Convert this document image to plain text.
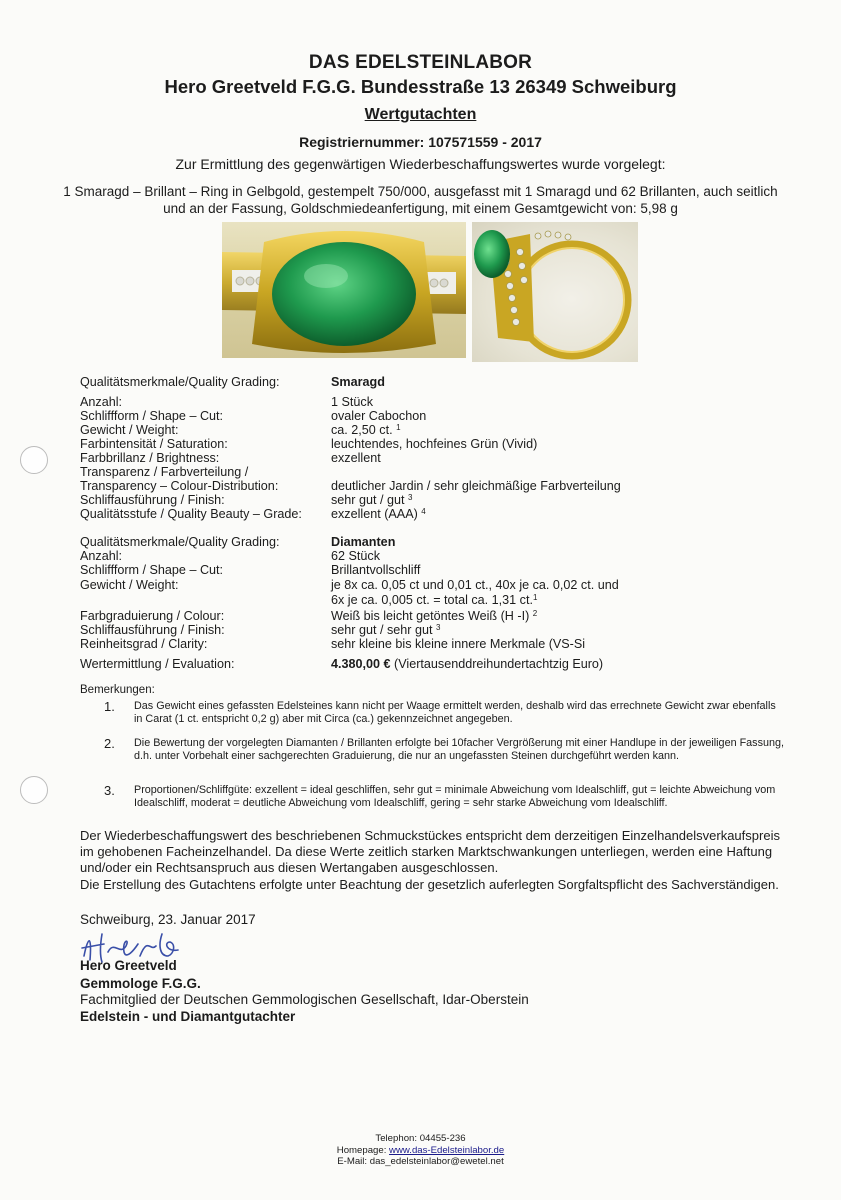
DAS EDELSTEINLABOR
Hero Greetveld F.G.G. Bundesstraße 13 26349 Schweiburg
Wertgutachten
Registriernummer: 107571559 - 2017
Zur Ermittlung des gegenwärtigen Wiederbeschaffungswertes wurde vorgelegt:
1 Smaragd – Brillant – Ring in Gelbgold, gestempelt 750/000, ausgefasst mit 1 Smaragd und 62 Brillanten, auch seitlich und an der Fassung, Goldschmiedeanfertigung, mit einem Gesamtgewicht von: 5,98 g
Qualitätsmerkmale/Quality Grading:	Smaragd
Anzahl:	1 Stück
Schliffform / Shape – Cut:	ovaler Cabochon
Gewicht / Weight:	ca. 2,50 ct. $^1$
Farbintensität / Saturation:	leuchtendes, hochfeines Grün (Vivid)
Farbbrillanz / Brightness:	exzellent
Transparenz / Farbverteilung /
Transparency – Colour-Distribution:	deutlicher Jardin / sehr gleichmäßige Farbverteilung
Schliffausführung / Finish:	sehr gut / gut $^3$
Qualitätsstufe / Quality Beauty – Grade: exzellent (AAA) $^4$
Qualitätsmerkmale/Quality Grading:	Diamanten
Anzahl:	62 Stück
Schliffform / Shape – Cut:	Brillantvollschliff
Gewicht / Weight:	je 8x ca. 0,05 ct und 0,01 ct., 40x je ca. 0,02 ct. und
6x je ca. 0,005 ct. = total ca. 1,31 ct.$^1$
Farbgraduierung / Colour:	Weiß bis leicht getöntes Weiß (H -I) $^2$
Schliffausführung / Finish:	sehr gut / sehr gut $^3$
Reinheitsgrad / Clarity:	sehr kleine bis kleine innere Merkmale (VS-Si
Wertermittlung / Evaluation:	4.380,00 € (Viertausenddreihundertachtzig Euro)
Bemerkungen:
1. Das Gewicht eines gefassten Edelsteines kann nicht per Waage ermittelt werden, deshalb wird das errechnete Gewicht zwar ebenfalls in Carat (1 ct. entspricht 0,2 g) aber mit Circa (ca.) gekennzeichnet angegeben.
2. Die Bewertung der vorgelegten Diamanten / Brillanten erfolgte bei 10facher Vergrößerung mit einer Handlupe in der jeweiligen Fassung, d.h. unter Vorbehalt einer sachgerechten Graduierung, die nur an ungefassten Steinen durchgeführt werden kann.
3. Proportionen/Schliffgüte: exzellent = ideal geschliffen, sehr gut = minimale Abweichung vom Idealschliff, gut = leichte Abweichung vom Idealschliff, moderat = deutliche Abweichung vom Idealschliff, gering = sehr starke Abweichung vom Idealschliff.
Der Wiederbeschaffungswert des beschriebenen Schmuckstückes entspricht dem derzeitigen Einzelhandelsverkaufspreis im gehobenen Facheinzelhandel. Da diese Werte zeitlich starken Marktschwankungen unterliegen, werden eine Haftung und/oder ein Rechtsanspruch aus diesen Wertangaben ausgeschlossen.
Die Erstellung des Gutachtens erfolgte unter Beachtung der gesetzlich auferlegten Sorgfaltspflicht des Sachverständigen.
Schweiburg, 23. Januar 2017
Hero Greetveld
Gemmologe F.G.G.
Fachmitglied der Deutschen Gemmologischen Gesellschaft, Idar-Oberstein
Edelstein - und Diamantgutachter
Telephon: 04455-236
Homepage: www.das-Edelsteinlabor.de
E-Mail: das_edelsteinlabor@ewetel.net
